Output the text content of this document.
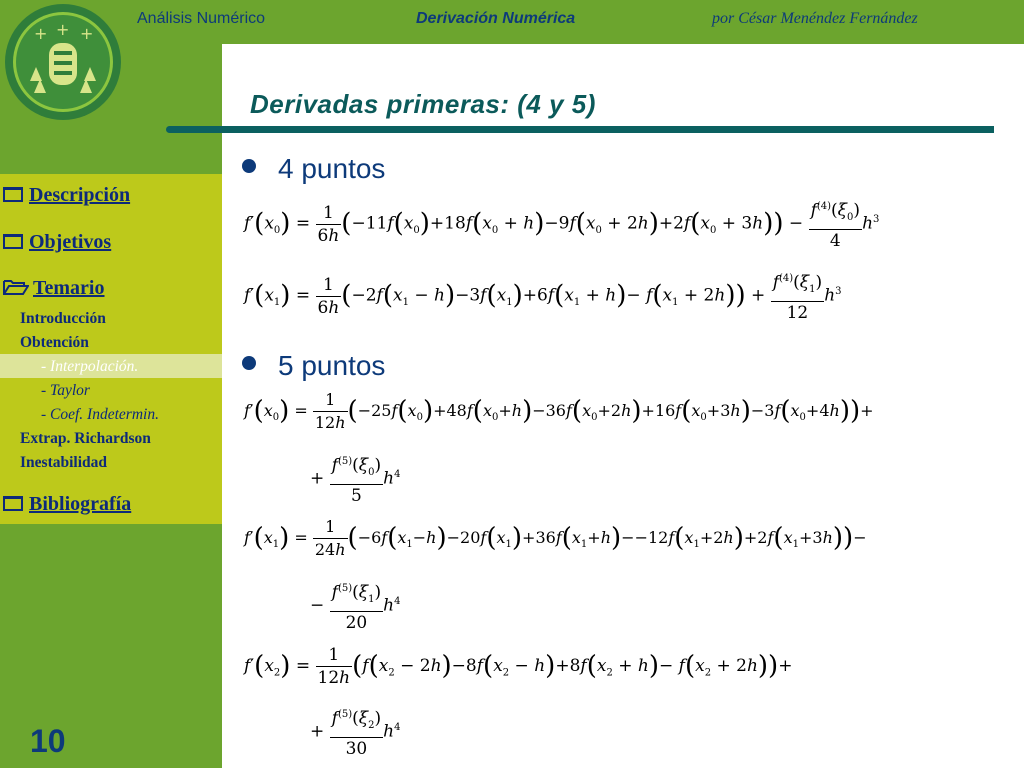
+ + +
Análisis Numérico	Derivación Numérica	por César Menéndez Fernández
Derivadas primeras: (4 y 5)
Descripción
Objetivos
Temario
Introducción
Obtención
- Interpolación.
- Taylor
- Coef. Indetermin.
Extrap. Richardson
Inestabilidad
Bibliografía
10
4 puntos
5 puntos
$f'(x_0) = \frac{1}{6h} (-11f(x_0)+18f(x_0 + h)-9f(x_0 + 2h)+2f(x_0 + 3h)) - \frac{f^{(4)}(\xi_0)}{4} h^3$
$f'(x_1) = \frac{1}{6h} (-2f(x_1 - h)-3f(x_1)+6f(x_1 + h)- f(x_1 + 2h)) + \frac{f^{(4)}(\xi_1)}{12} h^3$
$f'(x_0) = \frac{1}{12h} (-25f(x_0)+48f(x_0+h)-36f(x_0+2h)+16f(x_0+3h)-3f(x_0+4h))+$
+ $\frac{f^{(5)}(\xi_0)}{5} h^4$
$f'(x_1) = \frac{1}{24h} (-6f(x_1-h)-20f(x_1)+36f(x_1+h)--12f(x_1+2h)+2f(x_1+3h))-$
− $\frac{f^{(5)}(\xi_1)}{20} h^4$
$f'(x_2) = \frac{1}{12h} (f(x_2 - 2h)-8f(x_2 - h)+8f(x_2 + h)- f(x_2 + 2h))+$
+ $\frac{f^{(5)}(\xi_2)}{30} h^4$
